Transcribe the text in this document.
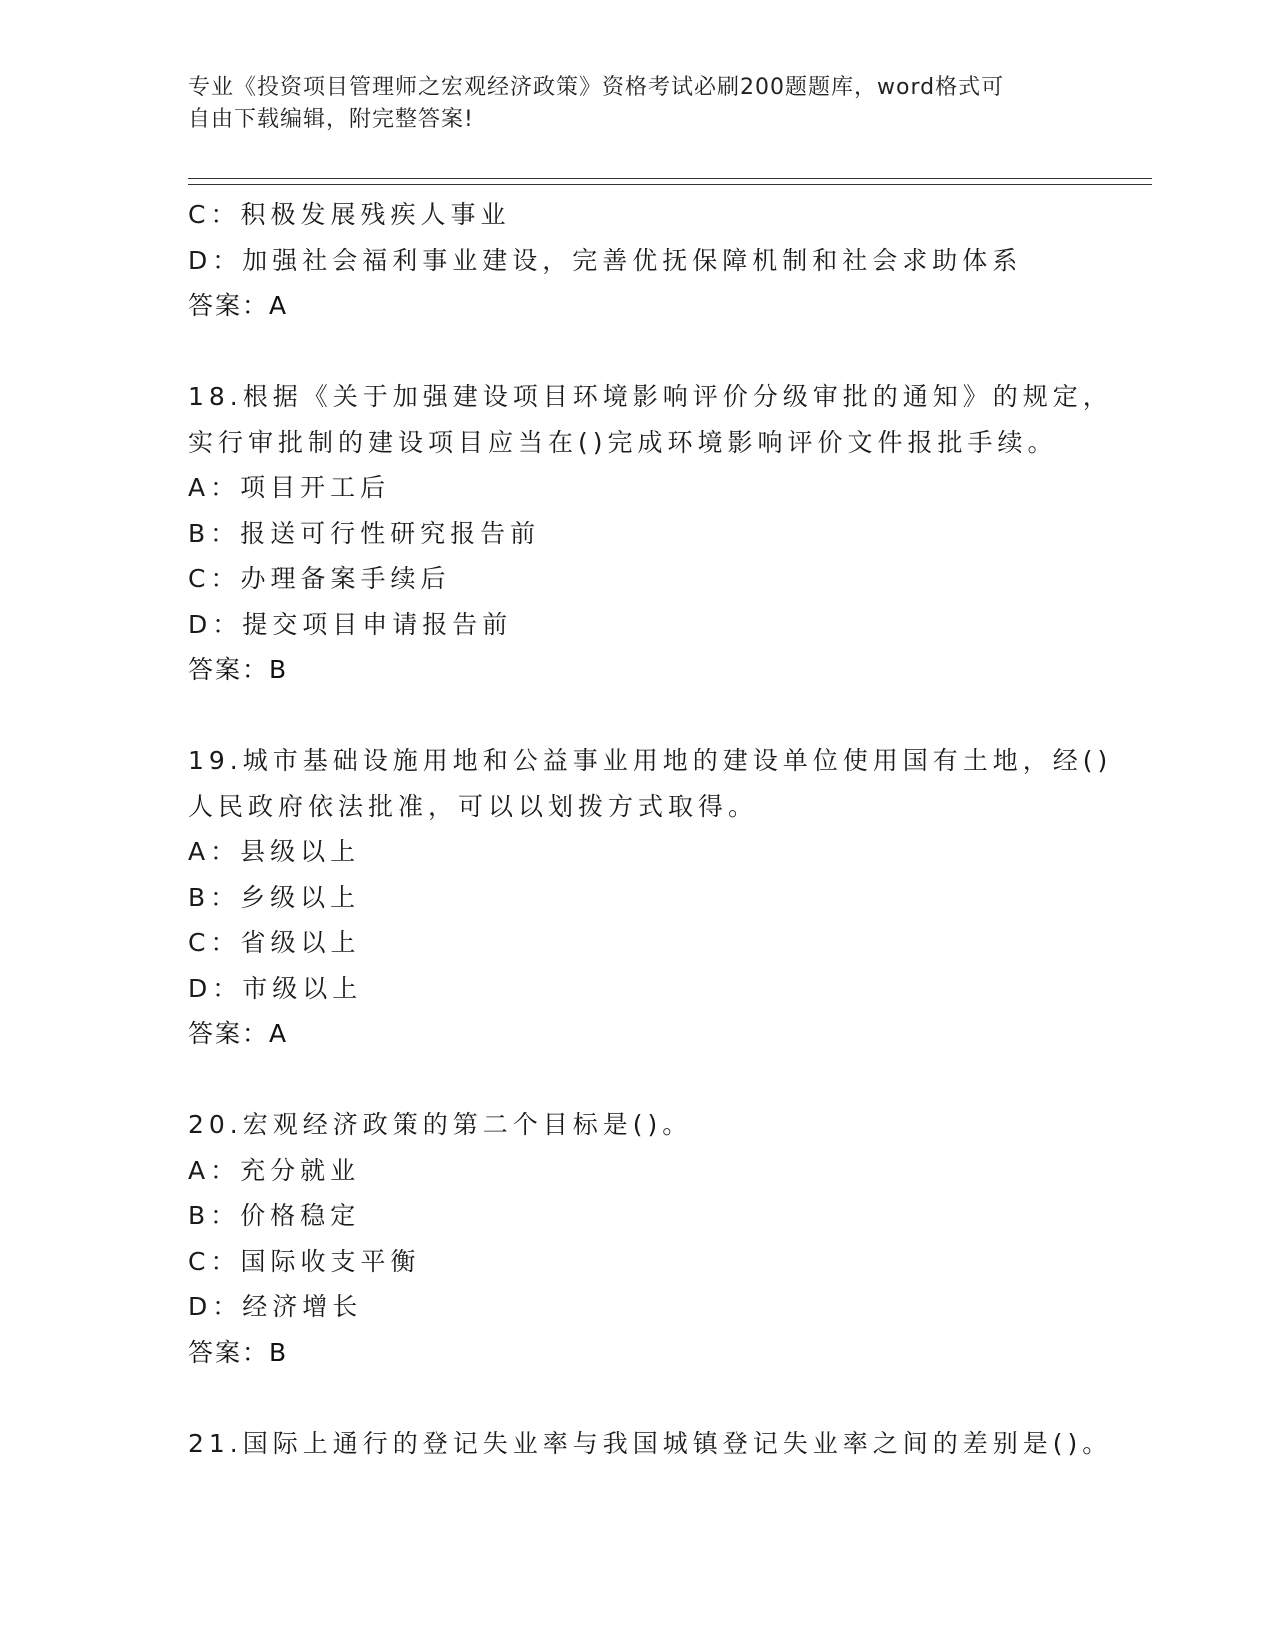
专业《投资项目管理师之宏观经济政策》资格考试必刷200题题库，word格式可
自由下载编辑，附完整答案!
C：积极发展残疾人事业
D：加强社会福利事业建设，完善优抚保障机制和社会求助体系
答案：A
18.根据《关于加强建设项目环境影响评价分级审批的通知》的规定，
实行审批制的建设项目应当在()完成环境影响评价文件报批手续。
A：项目开工后
B：报送可行性研究报告前
C：办理备案手续后
D：提交项目申请报告前
答案：B
19.城市基础设施用地和公益事业用地的建设单位使用国有土地，经()
人民政府依法批准，可以以划拨方式取得。
A：县级以上
B：乡级以上
C：省级以上
D：市级以上
答案：A
20.宏观经济政策的第二个目标是()。
A：充分就业
B：价格稳定
C：国际收支平衡
D：经济增长
答案：B
21.国际上通行的登记失业率与我国城镇登记失业率之间的差别是()。
